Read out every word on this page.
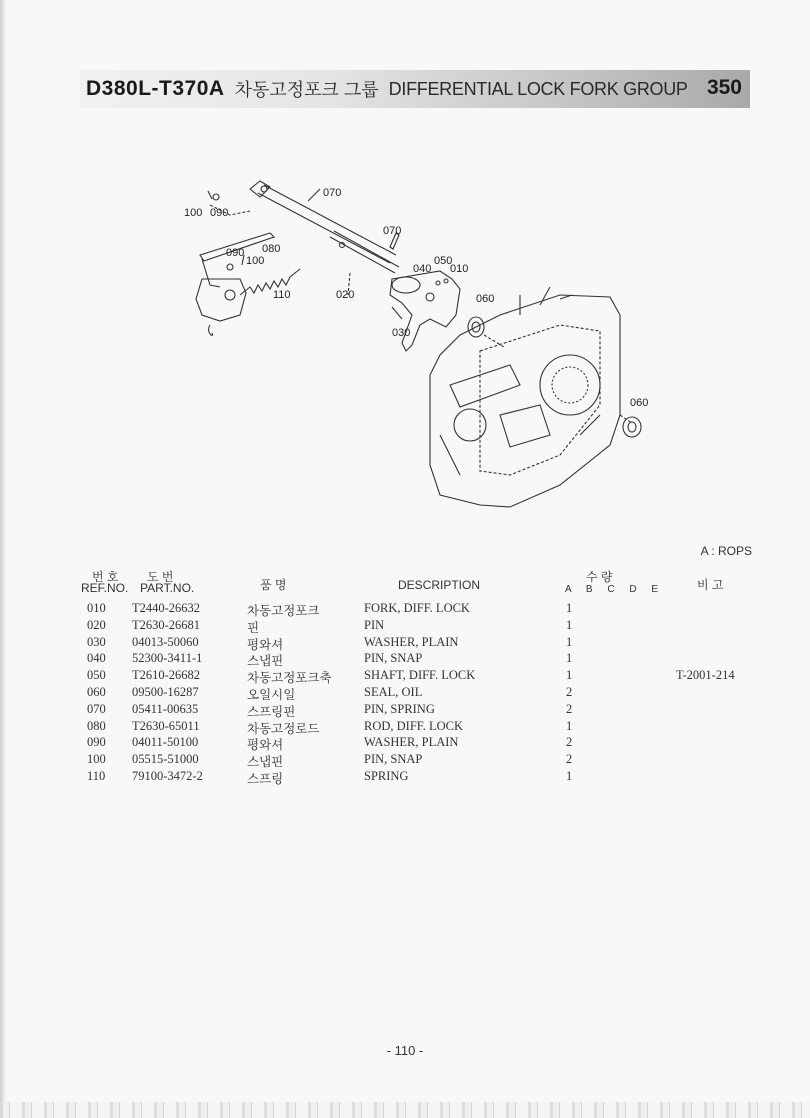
D380L-T370A 차동고정포크 그룹 DIFFERENTIAL LOCK FORK GROUP 350
100 090
070
070
090 080
100
110	020
040
050
010
060
030
060
A : ROPS
번 호
REF.NO.
도 번
PART.NO.	품 명	DESCRIPTION
수 량
A B C D E	비 고
010 T2440-26632	차동고정포크	FORK, DIFF. LOCK	1
020 T2630-26681	핀	PIN	1
030 04013-50060	평와셔	WASHER, PLAIN	1
040 52300-3411-1	스냅핀	PIN, SNAP	1
050 T2610-26682	차동고정포크축	SHAFT, DIFF. LOCK	1	T-2001-214
060 09500-16287	오일시일	SEAL, OIL	2
070 05411-00635	스프링핀	PIN, SPRING	2
080 T2630-65011	차동고정로드	ROD, DIFF. LOCK	1
090 04011-50100	평와셔	WASHER, PLAIN	2
100 05515-51000	스냅핀	PIN, SNAP	2
110 79100-3472-2	스프링	SPRING	1
- 110 -
